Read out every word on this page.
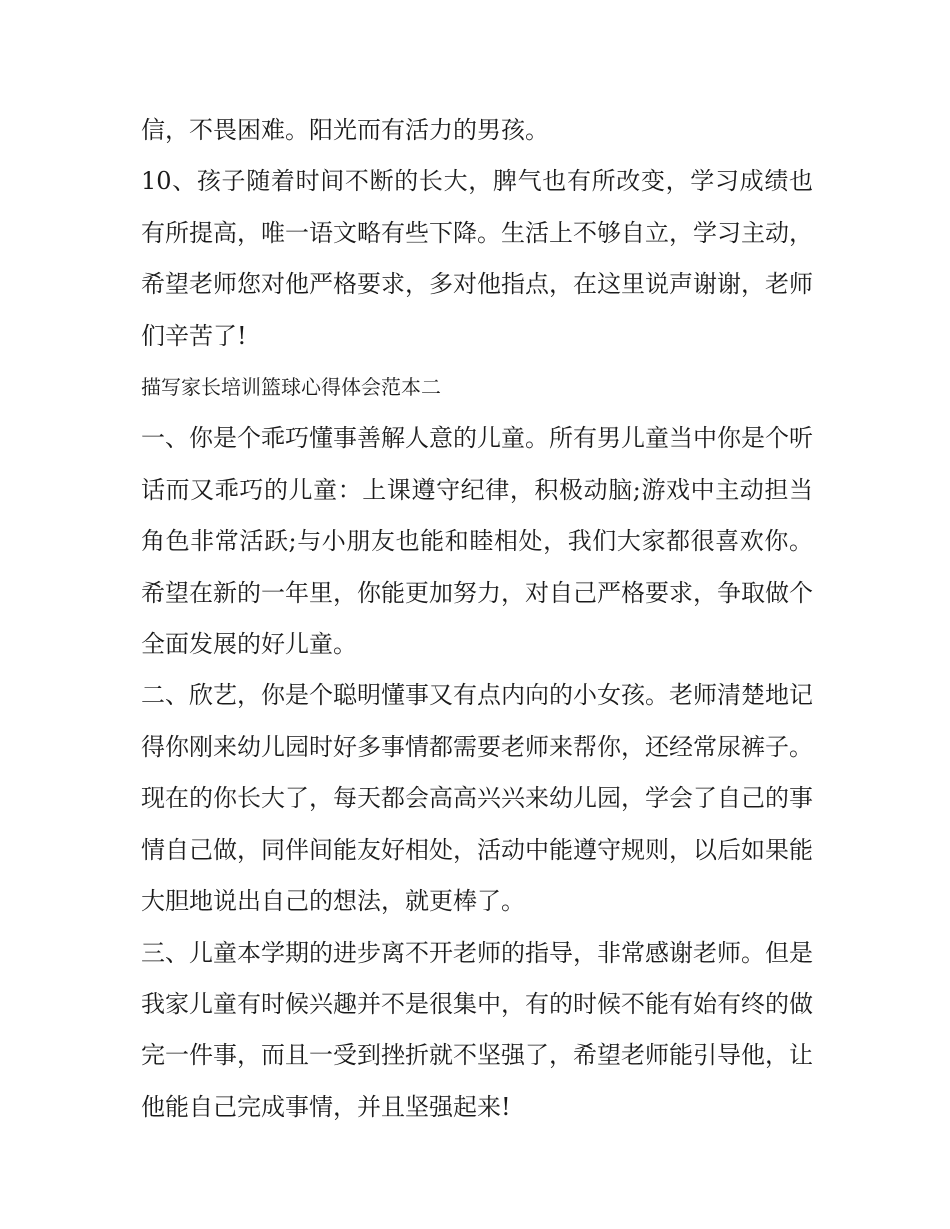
信，不畏困难。阳光而有活力的男孩。

10、孩子随着时间不断的长大，脾气也有所改变，学习成绩也有所提高，唯一语文略有些下降。生活上不够自立，学习主动，希望老师您对他严格要求，多对他指点，在这里说声谢谢，老师们辛苦了!

描写家长培训篮球心得体会范本二

一、你是个乖巧懂事善解人意的儿童。所有男儿童当中你是个听话而又乖巧的儿童：上课遵守纪律，积极动脑;游戏中主动担当角色非常活跃;与小朋友也能和睦相处，我们大家都很喜欢你。希望在新的一年里，你能更加努力，对自己严格要求，争取做个全面发展的好儿童。

二、欣艺，你是个聪明懂事又有点内向的小女孩。老师清楚地记得你刚来幼儿园时好多事情都需要老师来帮你，还经常尿裤子。现在的你长大了，每天都会高高兴兴来幼儿园，学会了自己的事情自己做，同伴间能友好相处，活动中能遵守规则，以后如果能大胆地说出自己的想法，就更棒了。

三、儿童本学期的进步离不开老师的指导，非常感谢老师。但是我家儿童有时候兴趣并不是很集中，有的时候不能有始有终的做完一件事，而且一受到挫折就不坚强了，希望老师能引导他，让他能自己完成事情，并且坚强起来!
